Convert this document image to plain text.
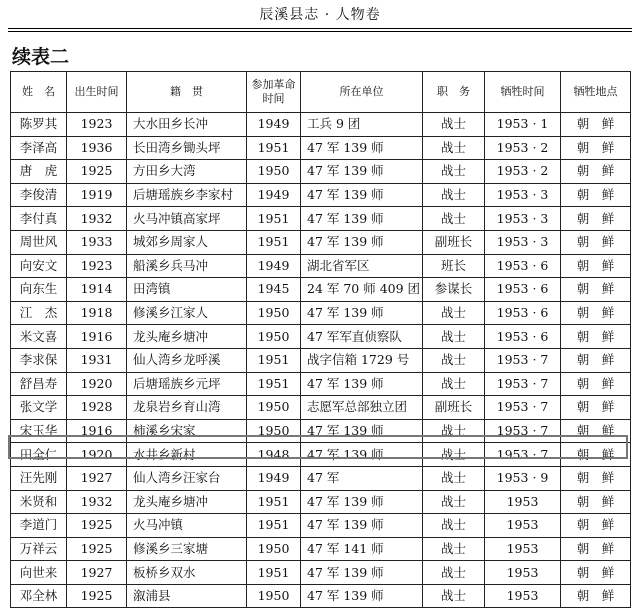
辰溪县志 · 人物卷
续表二
姓　名	出生时间	籍　贯	参加革命时间	所在单位	职　务	牺牲时间	牺牲地点
陈罗其	1923	大水田乡长冲	1949	工兵 9 团	战士	1953 · 1	朝　鲜
李泽高	1936	长田湾乡锄头坪	1951	47 军 139 师	战士	1953 · 2	朝　鲜
唐　虎	1925	方田乡大湾	1950	47 军 139 师	战士	1953 · 2	朝　鲜
李俊清	1919	后塘瑶族乡李家村	1949	47 军 139 师	战士	1953 · 3	朝　鲜
李付真	1932	火马冲镇高家坪	1951	47 军 139 师	战士	1953 · 3	朝　鲜
周世风	1933	城郊乡周家人	1951	47 军 139 师	副班长	1953 · 3	朝　鲜
向安文	1923	船溪乡兵马冲	1949	湖北省军区	班长	1953 · 6	朝　鲜
向东生	1914	田湾镇	1945	24 军 70 师 409 团	参谋长	1953 · 6	朝　鲜
江　杰	1918	修溪乡江家人	1950	47 军 139 师	战士	1953 · 6	朝　鲜
米文喜	1916	龙头庵乡塘冲	1950	47 军军直侦察队	战士	1953 · 6	朝　鲜
李求保	1931	仙人湾乡龙呼溪	1951	战字信箱 1729 号	战士	1953 · 7	朝　鲜
舒昌寿	1920	后塘瑶族乡元坪	1951	47 军 139 师	战士	1953 · 7	朝　鲜
张文学	1928	龙泉岩乡育山湾	1950	志愿军总部独立团	副班长	1953 · 7	朝　鲜
宋玉华	1916	柿溪乡宋家	1950	47 军 139 师	战士	1953 · 7	朝　鲜
田全仁	1920	水井乡新村	1948	47 军 139 师	战士	1953 · 7	朝　鲜
汪先刚	1927	仙人湾乡汪家台	1949	47 军	战士	1953 · 9	朝　鲜
米贤和	1932	龙头庵乡塘冲	1951	47 军 139 师	战士	1953	朝　鲜
李道门	1925	火马冲镇	1951	47 军 139 师	战士	1953	朝　鲜
万祥云	1925	修溪乡三家塘	1950	47 军 141 师	战士	1953	朝　鲜
向世来	1927	板桥乡双水	1951	47 军 139 师	战士	1953	朝　鲜
邓全林	1925	溆浦县	1950	47 军 139 师	战士	1953	朝　鲜
